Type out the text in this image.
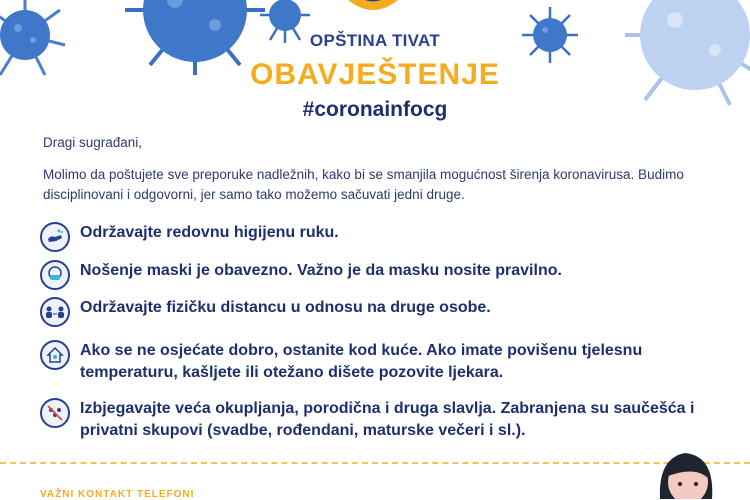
OPŠTINA TIVAT
OBAVJEŠTENJE
#coronainfocg
Dragi sugrađani,
Molimo da poštujete sve preporuke nadležnih, kako bi se smanjila mogućnost širenja koronavirusa. Budimo disciplinovani i odgovorni, jer samo tako možemo sačuvati jedni druge.
Održavajte redovnu higijenu ruku.
Nošenje maski je obavezno. Važno je da masku nosite pravilno.
Održavajte fizičku distancu u odnosu na druge osobe.
Ako se ne osjećate dobro, ostanite kod kuće. Ako imate povišenu tjelesnu temperaturu, kašljete ili otežano dišete pozovite ljekara.
Izbjegavajte veća okupljanja, porodična i druga slavlja. Zabranjena su saučešća i privatni skupovi (svadbe, rođendani, maturske večeri i sl.).
VAŽNI KONTAKT TELEFONI
